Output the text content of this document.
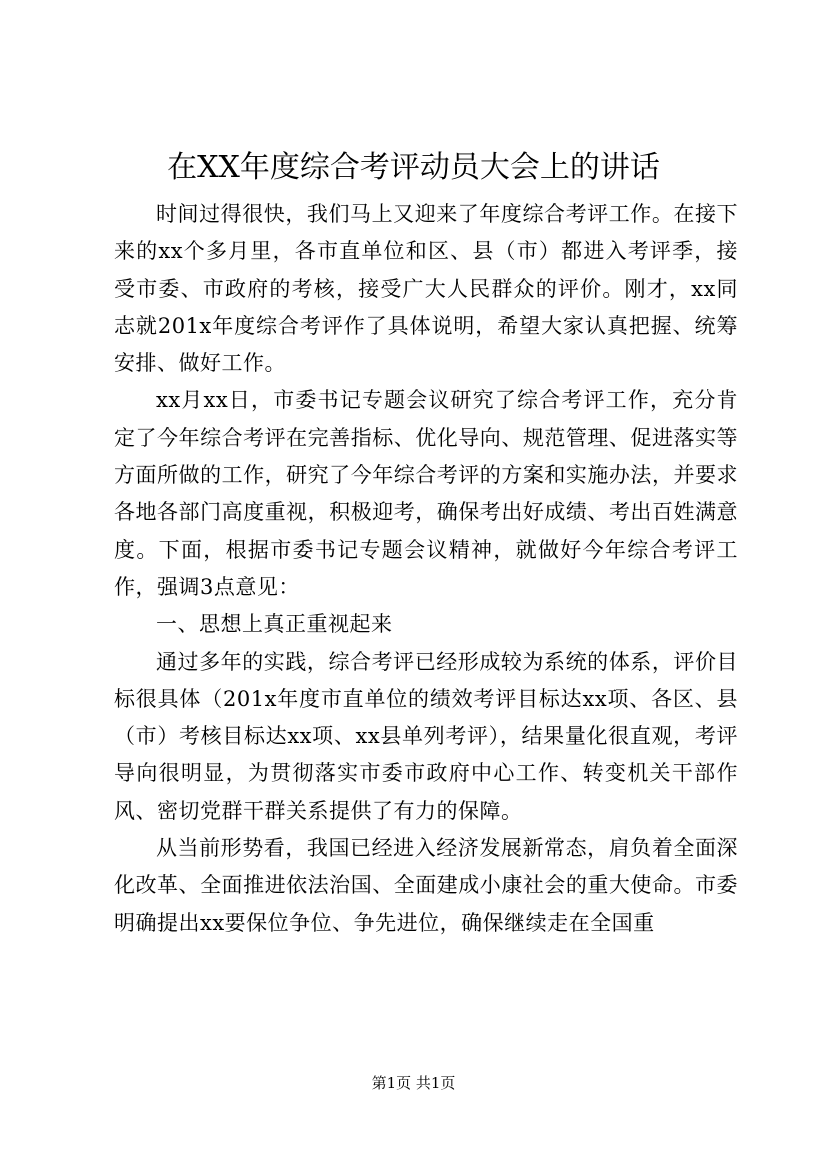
在XX年度综合考评动员大会上的讲话

时间过得很快，我们马上又迎来了年度综合考评工作。在接下来的xx个多月里，各市直单位和区、县（市）都进入考评季，接受市委、市政府的考核，接受广大人民群众的评价。刚才，xx同志就201x年度综合考评作了具体说明，希望大家认真把握、统筹安排、做好工作。

xx月xx日，市委书记专题会议研究了综合考评工作，充分肯定了今年综合考评在完善指标、优化导向、规范管理、促进落实等方面所做的工作，研究了今年综合考评的方案和实施办法，并要求各地各部门高度重视，积极迎考，确保考出好成绩、考出百姓满意度。下面，根据市委书记专题会议精神，就做好今年综合考评工作，强调3点意见：

一、思想上真正重视起来

通过多年的实践，综合考评已经形成较为系统的体系，评价目标很具体（201x年度市直单位的绩效考评目标达xx项、各区、县（市）考核目标达xx项、xx县单列考评），结果量化很直观，考评导向很明显，为贯彻落实市委市政府中心工作、转变机关干部作风、密切党群干群关系提供了有力的保障。

从当前形势看，我国已经进入经济发展新常态，肩负着全面深化改革、全面推进依法治国、全面建成小康社会的重大使命。市委明确提出xx要保位争位、争先进位，确保继续走在全国重

第1页 共1页
